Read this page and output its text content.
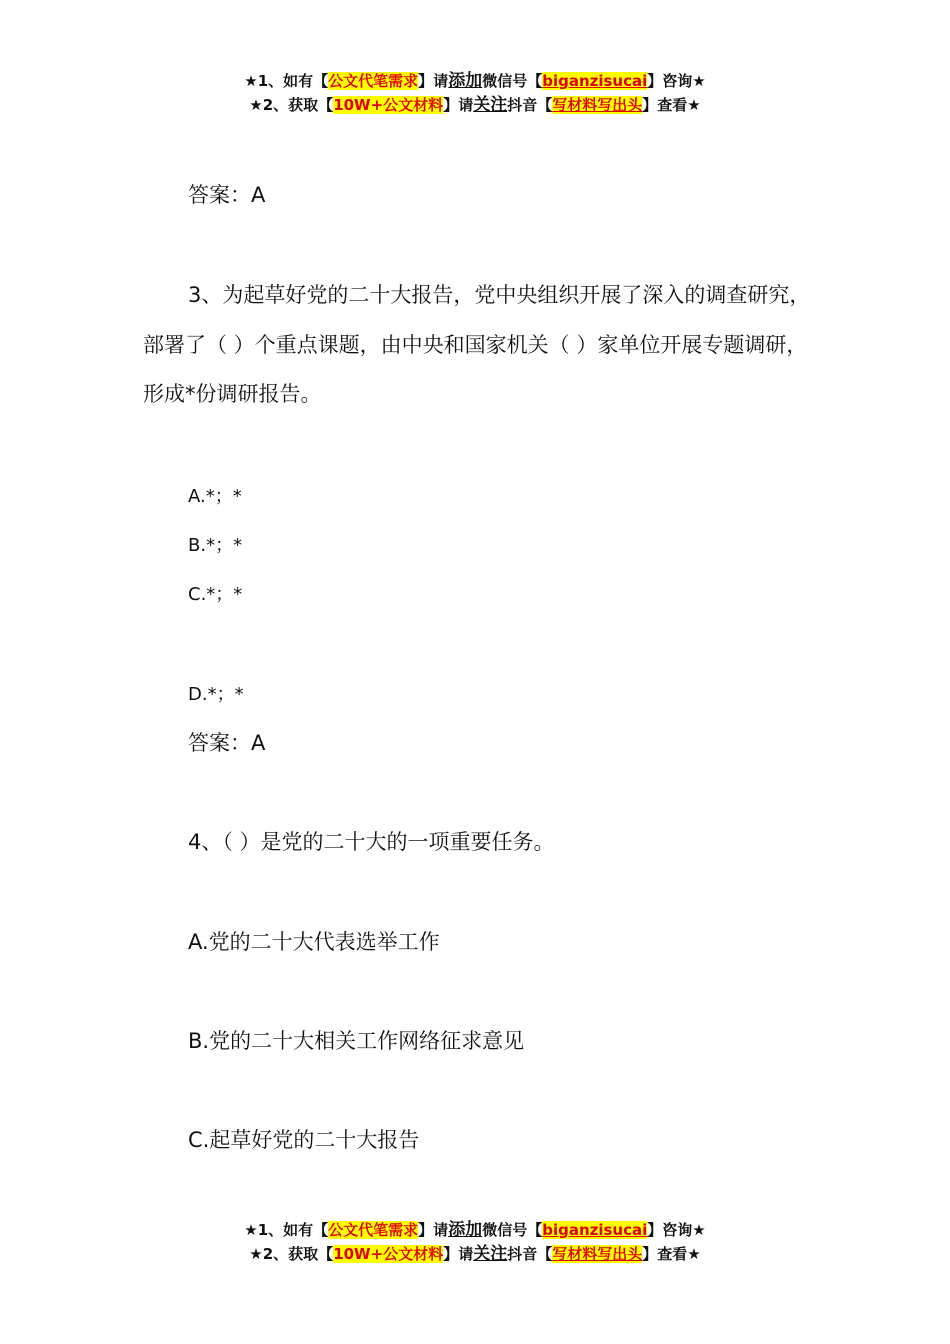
★1、如有【公文代笔需求】请添加微信号【biganzisucai】咨询★
★2、获取【10W+公文材料】请关注抖音【写材料写出头】查看★
答案：A
3、为起草好党的二十大报告，党中央组织开展了深入的调查研究，部署了（ ）个重点课题，由中央和国家机关（ ）家单位开展专题调研，形成*份调研报告。
A.*；*
B.*；*
C.*；*
D.*；*
答案：A
4、（ ）是党的二十大的一项重要任务。
A.党的二十大代表选举工作
B.党的二十大相关工作网络征求意见
C.起草好党的二十大报告
★1、如有【公文代笔需求】请添加微信号【biganzisucai】咨询★
★2、获取【10W+公文材料】请关注抖音【写材料写出头】查看★
